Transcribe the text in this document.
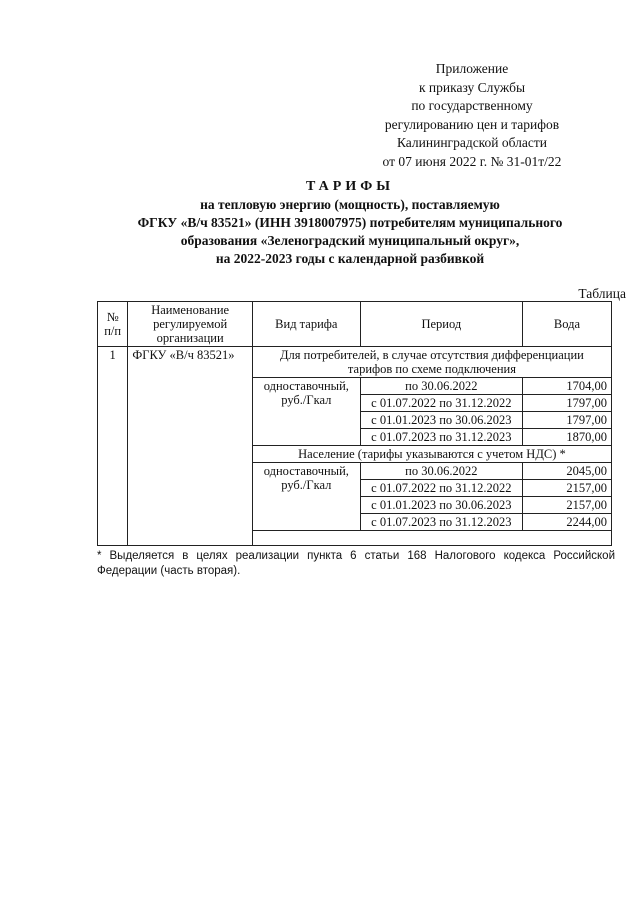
Приложение
к приказу Службы
по государственному
регулированию цен и тарифов
Калининградской области
от 07 июня 2022 г. № 31-01т/22
ТАРИФЫ
на тепловую энергию (мощность), поставляемую
ФГКУ «В/ч 83521» (ИНН 3918007975) потребителям муниципального
образования «Зеленоградский муниципальный округ»,
на 2022-2023 годы с календарной разбивкой
Таблица
№ п/п	Наименование регулируемой организации	Вид тарифа	Период	Вода
1	ФГКУ «В/ч 83521»	Для потребителей, в случае отсутствия дифференциации тарифов по схеме подключения		
		одноставочный, руб./Гкал	по 30.06.2022	1704,00
			с 01.07.2022 по 31.12.2022	1797,00
			с 01.01.2023 по 30.06.2023	1797,00
			с 01.07.2023 по 31.12.2023	1870,00
		Население (тарифы указываются с учетом НДС) *		
		одноставочный, руб./Гкал	по 30.06.2022	2045,00
			с 01.07.2022 по 31.12.2022	2157,00
			с 01.01.2023 по 30.06.2023	2157,00
			с 01.07.2023 по 31.12.2023	2244,00

* Выделяется в целях реализации пункта 6 статьи 168 Налогового кодекса Российской Федерации (часть вторая).
